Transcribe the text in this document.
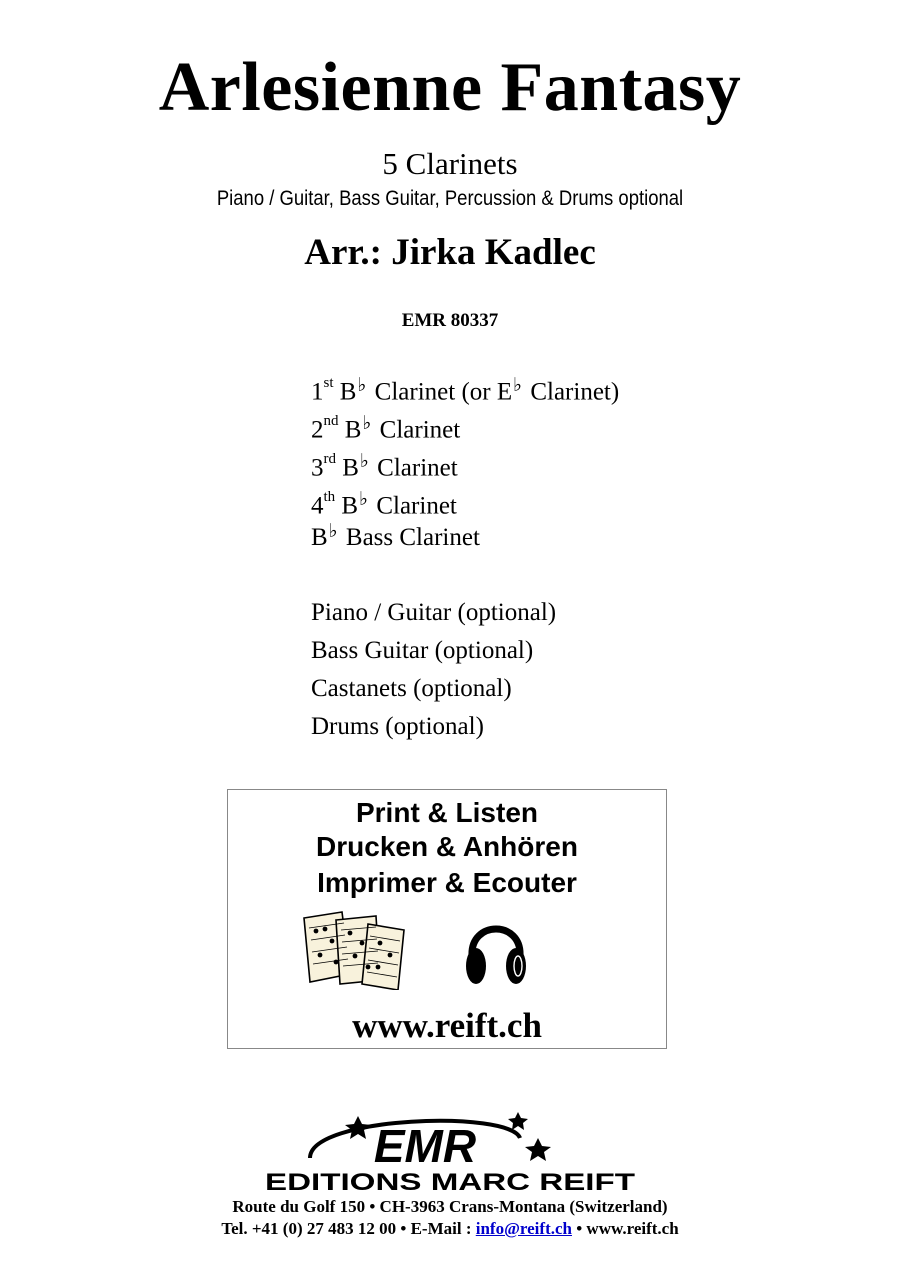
Arlesienne Fantasy
5 Clarinets
Piano / Guitar, Bass Guitar, Percussion & Drums optional
Arr.: Jirka Kadlec
EMR 80337
1st B♭ Clarinet (or E♭ Clarinet)
2nd B♭ Clarinet
3rd B♭ Clarinet
4th B♭ Clarinet
B♭ Bass Clarinet
Piano / Guitar (optional)
Bass Guitar (optional)
Castanets (optional)
Drums (optional)
Print & Listen
Drucken & Anhören
Imprimer & Ecouter
www.reift.ch
EMR
EDITIONS MARC REIFT
Route du Golf 150 • CH-3963 Crans-Montana (Switzerland)
Tel. +41 (0) 27 483 12 00 • E-Mail : info@reift.ch • www.reift.ch
